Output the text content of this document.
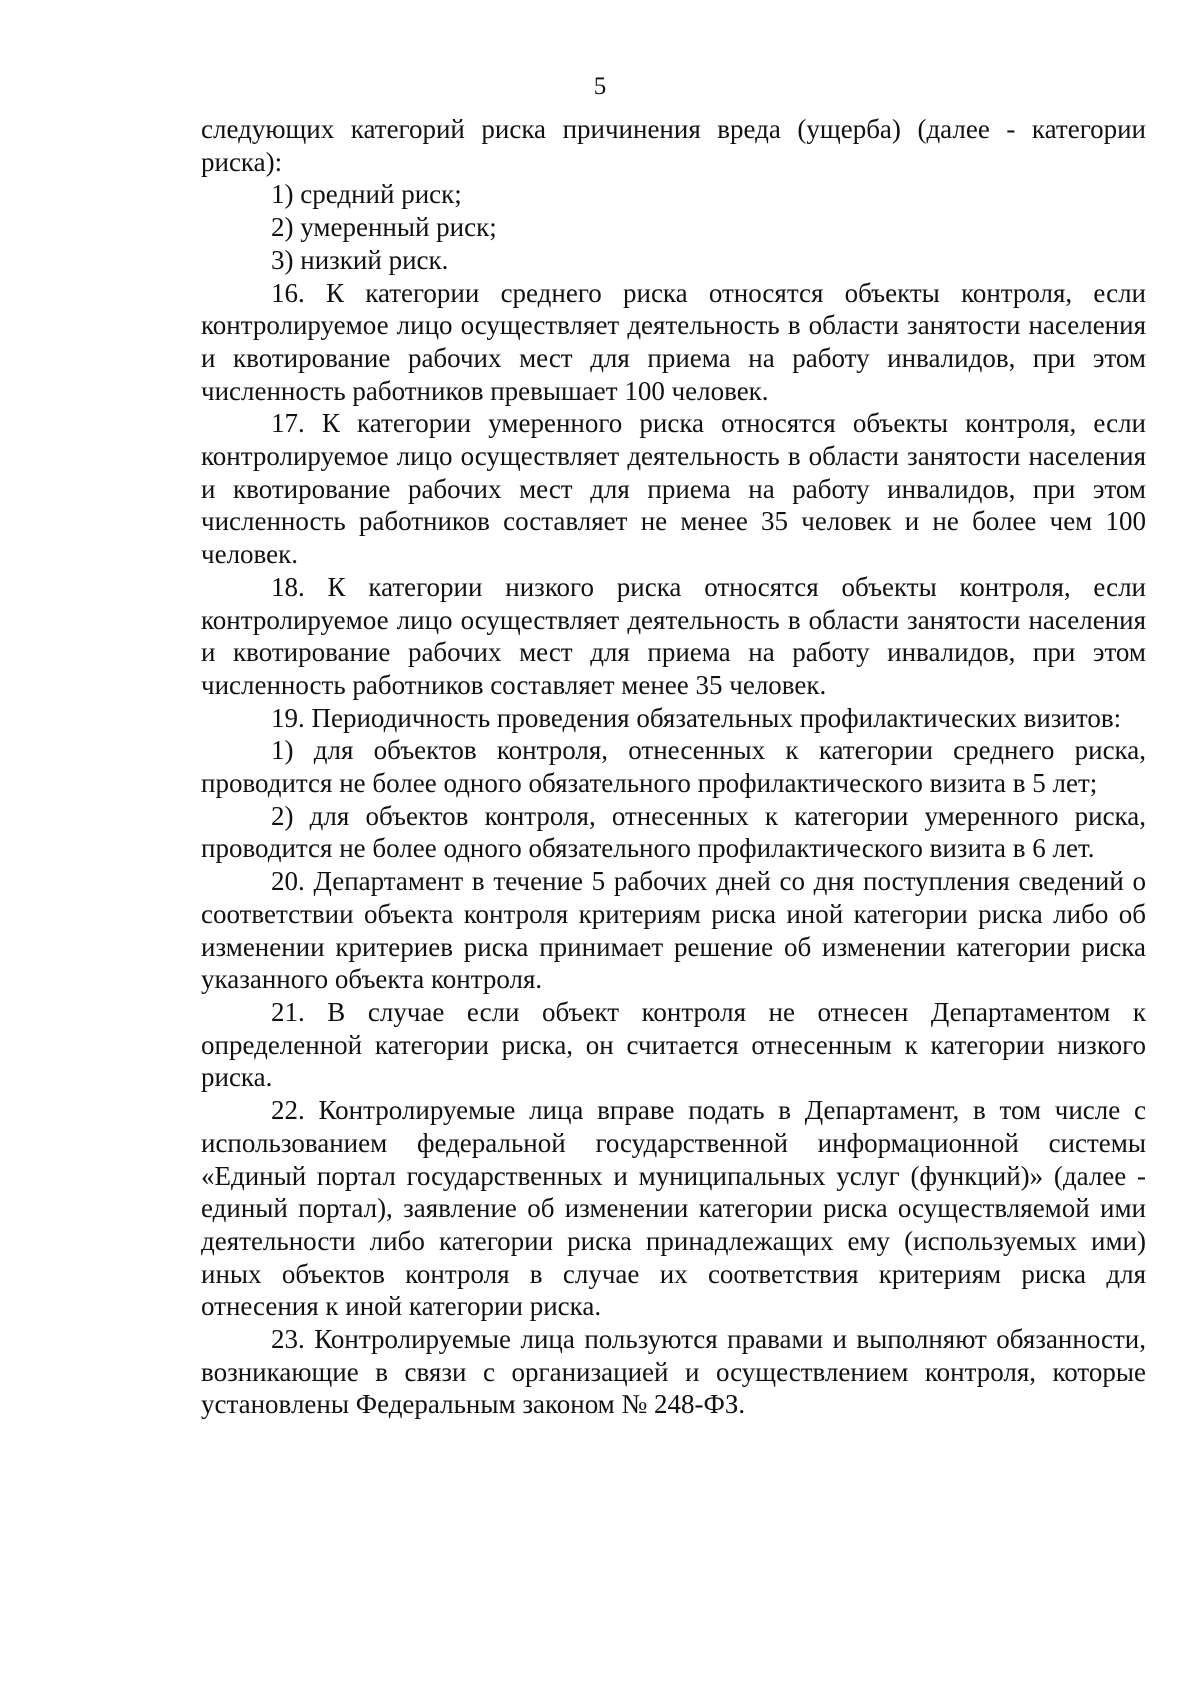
5

следующих категорий риска причинения вреда (ущерба) (далее - категории риска):

1) средний риск;

2) умеренный риск;

3) низкий риск.

16. К категории среднего риска относятся объекты контроля, если контролируемое лицо осуществляет деятельность в области занятости населения и квотирование рабочих мест для приема на работу инвалидов, при этом численность работников превышает 100 человек.

17. К категории умеренного риска относятся объекты контроля, если контролируемое лицо осуществляет деятельность в области занятости населения и квотирование рабочих мест для приема на работу инвалидов, при этом численность работников составляет не менее 35 человек и не более чем 100 человек.

18. К категории низкого риска относятся объекты контроля, если контролируемое лицо осуществляет деятельность в области занятости населения и квотирование рабочих мест для приема на работу инвалидов, при этом численность работников составляет менее 35 человек.

19. Периодичность проведения обязательных профилактических визитов:

1) для объектов контроля, отнесенных к категории среднего риска, проводится не более одного обязательного профилактического визита в 5 лет;

2) для объектов контроля, отнесенных к категории умеренного риска, проводится не более одного обязательного профилактического визита в 6 лет.

20. Департамент в течение 5 рабочих дней со дня поступления сведений о соответствии объекта контроля критериям риска иной категории риска либо об изменении критериев риска принимает решение об изменении категории риска указанного объекта контроля.

21. В случае если объект контроля не отнесен Департаментом к определенной категории риска, он считается отнесенным к категории низкого риска.

22. Контролируемые лица вправе подать в Департамент, в том числе с использованием федеральной государственной информационной системы «Единый портал государственных и муниципальных услуг (функций)» (далее - единый портал), заявление об изменении категории риска осуществляемой ими деятельности либо категории риска принадлежащих ему (используемых ими) иных объектов контроля в случае их соответствия критериям риска для отнесения к иной категории риска.

23. Контролируемые лица пользуются правами и выполняют обязанности, возникающие в связи с организацией и осуществлением контроля, которые установлены Федеральным законом № 248-ФЗ.
